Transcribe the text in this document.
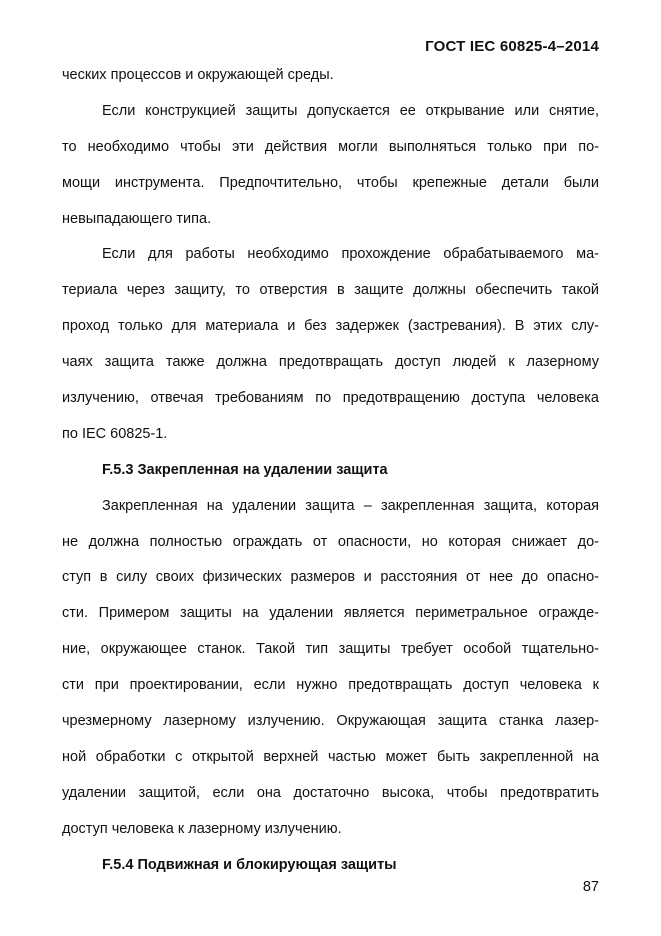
ГОСТ IEC 60825-4–2014
ческих процессов и окружающей среды.
Если конструкцией защиты допускается ее открывание или снятие,
то необходимо чтобы эти действия могли выполняться только при по-
мощи инструмента. Предпочтительно, чтобы крепежные детали были
невыпадающего типа.
Если для работы необходимо прохождение обрабатываемого ма-
териала через защиту, то отверстия в защите должны обеспечить такой
проход только для материала и без задержек (застревания). В этих слу-
чаях защита также должна предотвращать доступ людей к лазерному
излучению, отвечая требованиям по предотвращению доступа человека
по IEC 60825-1.
F.5.3 Закрепленная на удалении защита
Закрепленная на удалении защита – закрепленная защита, которая
не должна полностью ограждать от опасности, но которая снижает до-
ступ в силу своих физических размеров и расстояния от нее до опасно-
сти. Примером защиты на удалении является периметральное огражде-
ние, окружающее станок. Такой тип защиты требует особой тщательно-
сти при проектировании, если нужно предотвращать доступ человека к
чрезмерному лазерному излучению. Окружающая защита станка лазер-
ной обработки с открытой верхней частью может быть закрепленной на
удалении защитой, если она достаточно высока, чтобы предотвратить
доступ человека к лазерному излучению.
F.5.4 Подвижная и блокирующая защиты
87
